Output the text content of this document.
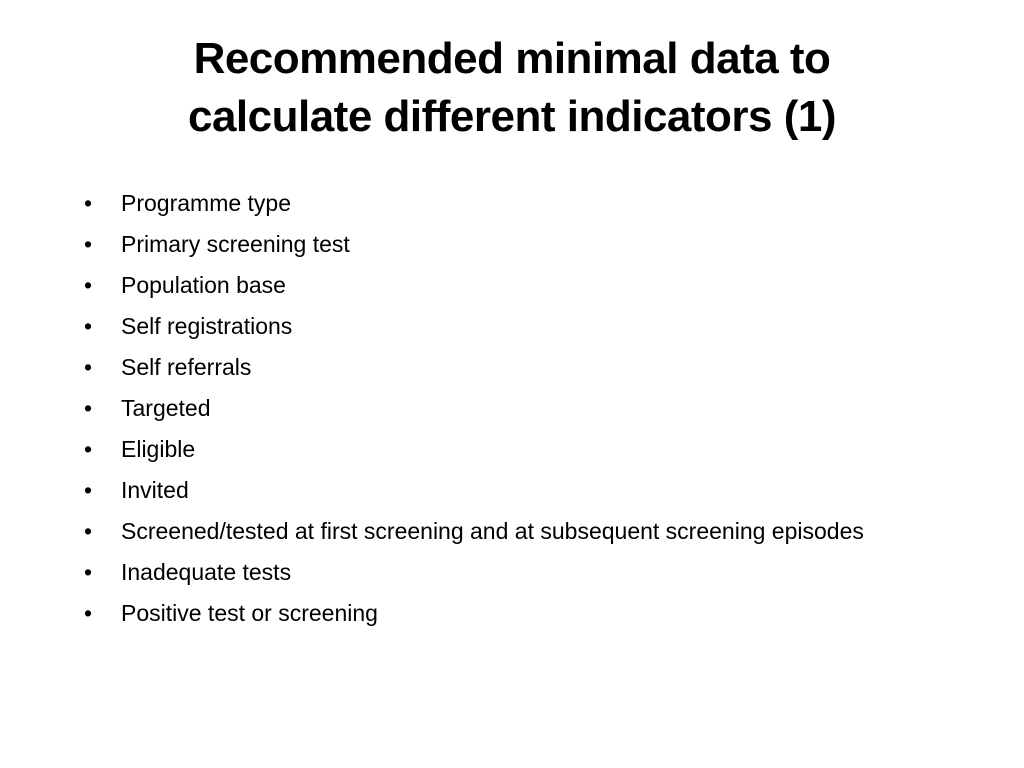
Recommended minimal data to
calculate different indicators (1)
•	Programme type
•	Primary screening test
•	Population base
•	Self registrations
•	Self referrals
•	Targeted
•	Eligible
•	Invited
•	Screened/tested at first screening and at subsequent screening episodes
•	Inadequate tests
•	Positive test or screening
